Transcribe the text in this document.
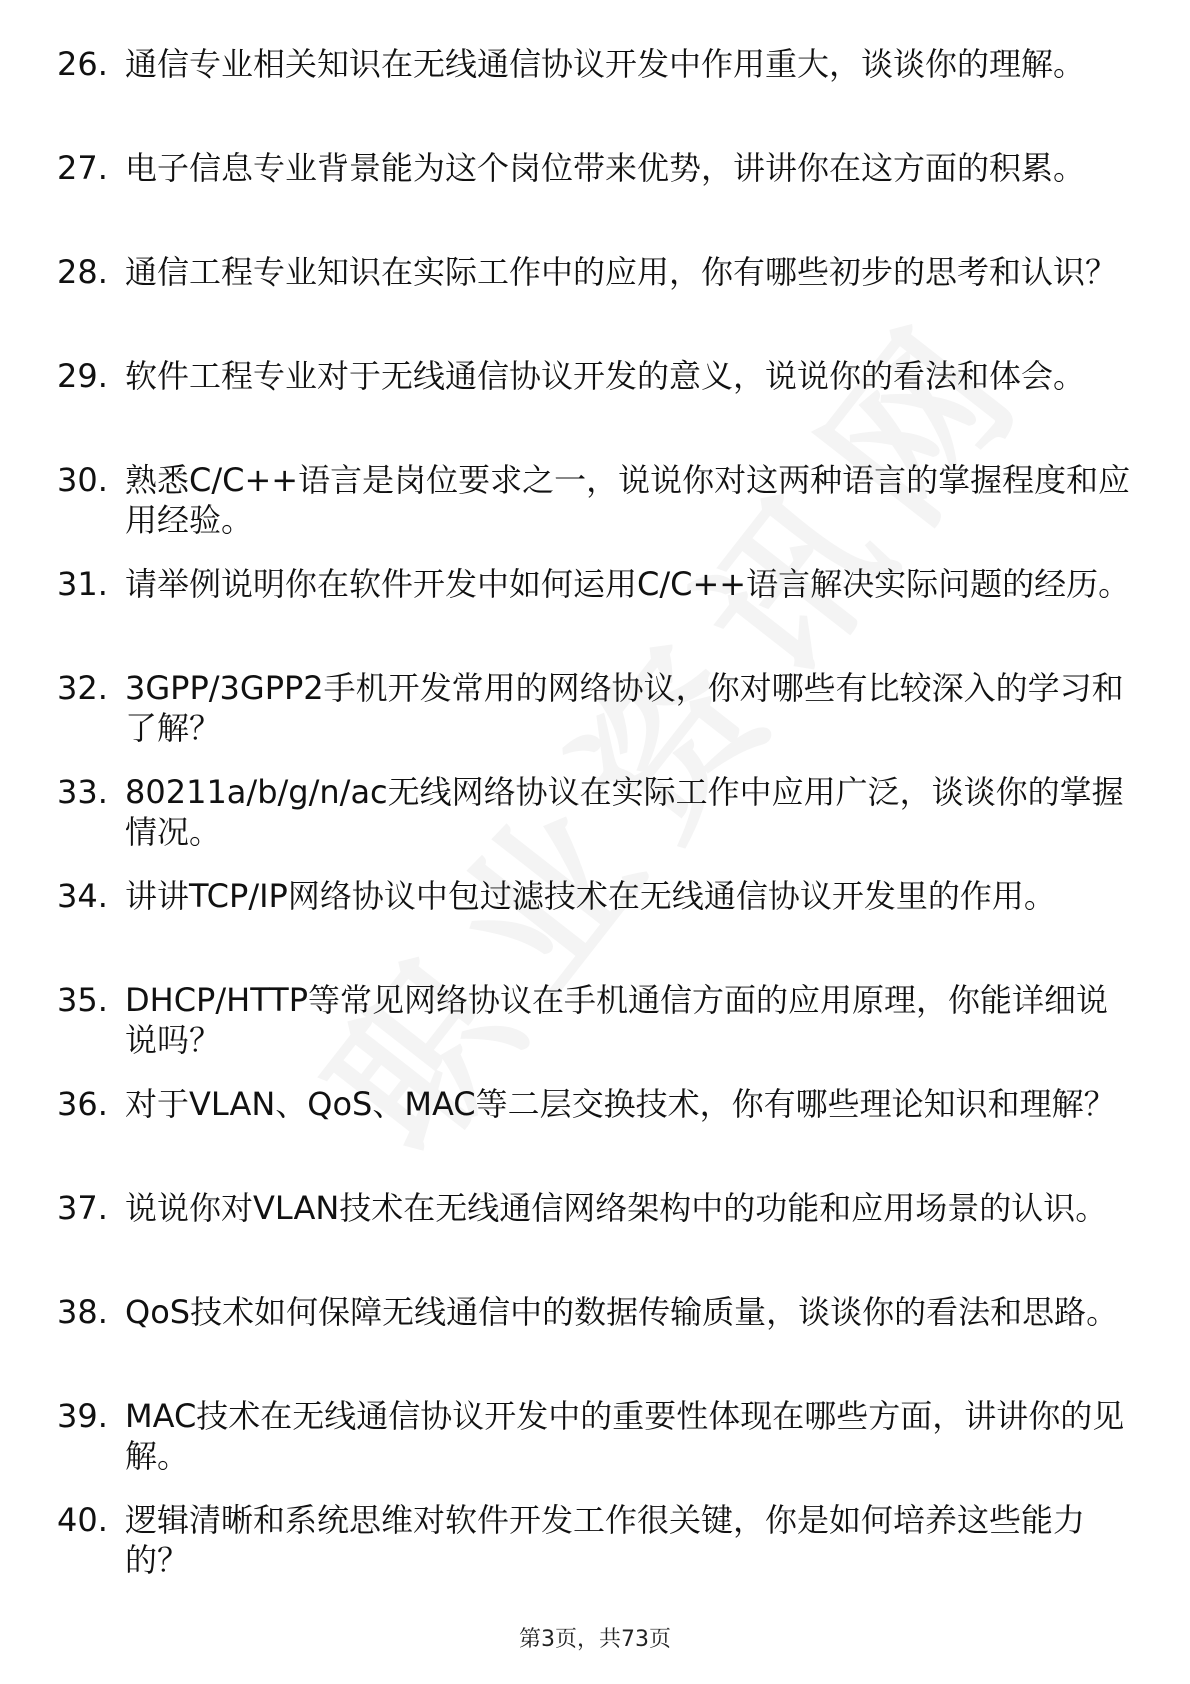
26. 通信专业相关知识在无线通信协议开发中作用重大，谈谈你的理解。
27. 电子信息专业背景能为这个岗位带来优势，讲讲你在这方面的积累。
28. 通信工程专业知识在实际工作中的应用，你有哪些初步的思考和认识？
29. 软件工程专业对于无线通信协议开发的意义，说说你的看法和体会。
30. 熟悉C/C++语言是岗位要求之一，说说你对这两种语言的掌握程度和应用经验。
31. 请举例说明你在软件开发中如何运用C/C++语言解决实际问题的经历。
32. 3GPP/3GPP2手机开发常用的网络协议，你对哪些有比较深入的学习和了解？
33. 80211a/b/g/n/ac无线网络协议在实际工作中应用广泛，谈谈你的掌握情况。
34. 讲讲TCP/IP网络协议中包过滤技术在无线通信协议开发里的作用。
35. DHCP/HTTP等常见网络协议在手机通信方面的应用原理，你能详细说说吗？
36. 对于VLAN、QoS、MAC等二层交换技术，你有哪些理论知识和理解？
37. 说说你对VLAN技术在无线通信网络架构中的功能和应用场景的认识。
38. QoS技术如何保障无线通信中的数据传输质量，谈谈你的看法和思路。
39. MAC技术在无线通信协议开发中的重要性体现在哪些方面，讲讲你的见解。
40. 逻辑清晰和系统思维对软件开发工作很关键，你是如何培养这些能力的？
第3页，共73页
